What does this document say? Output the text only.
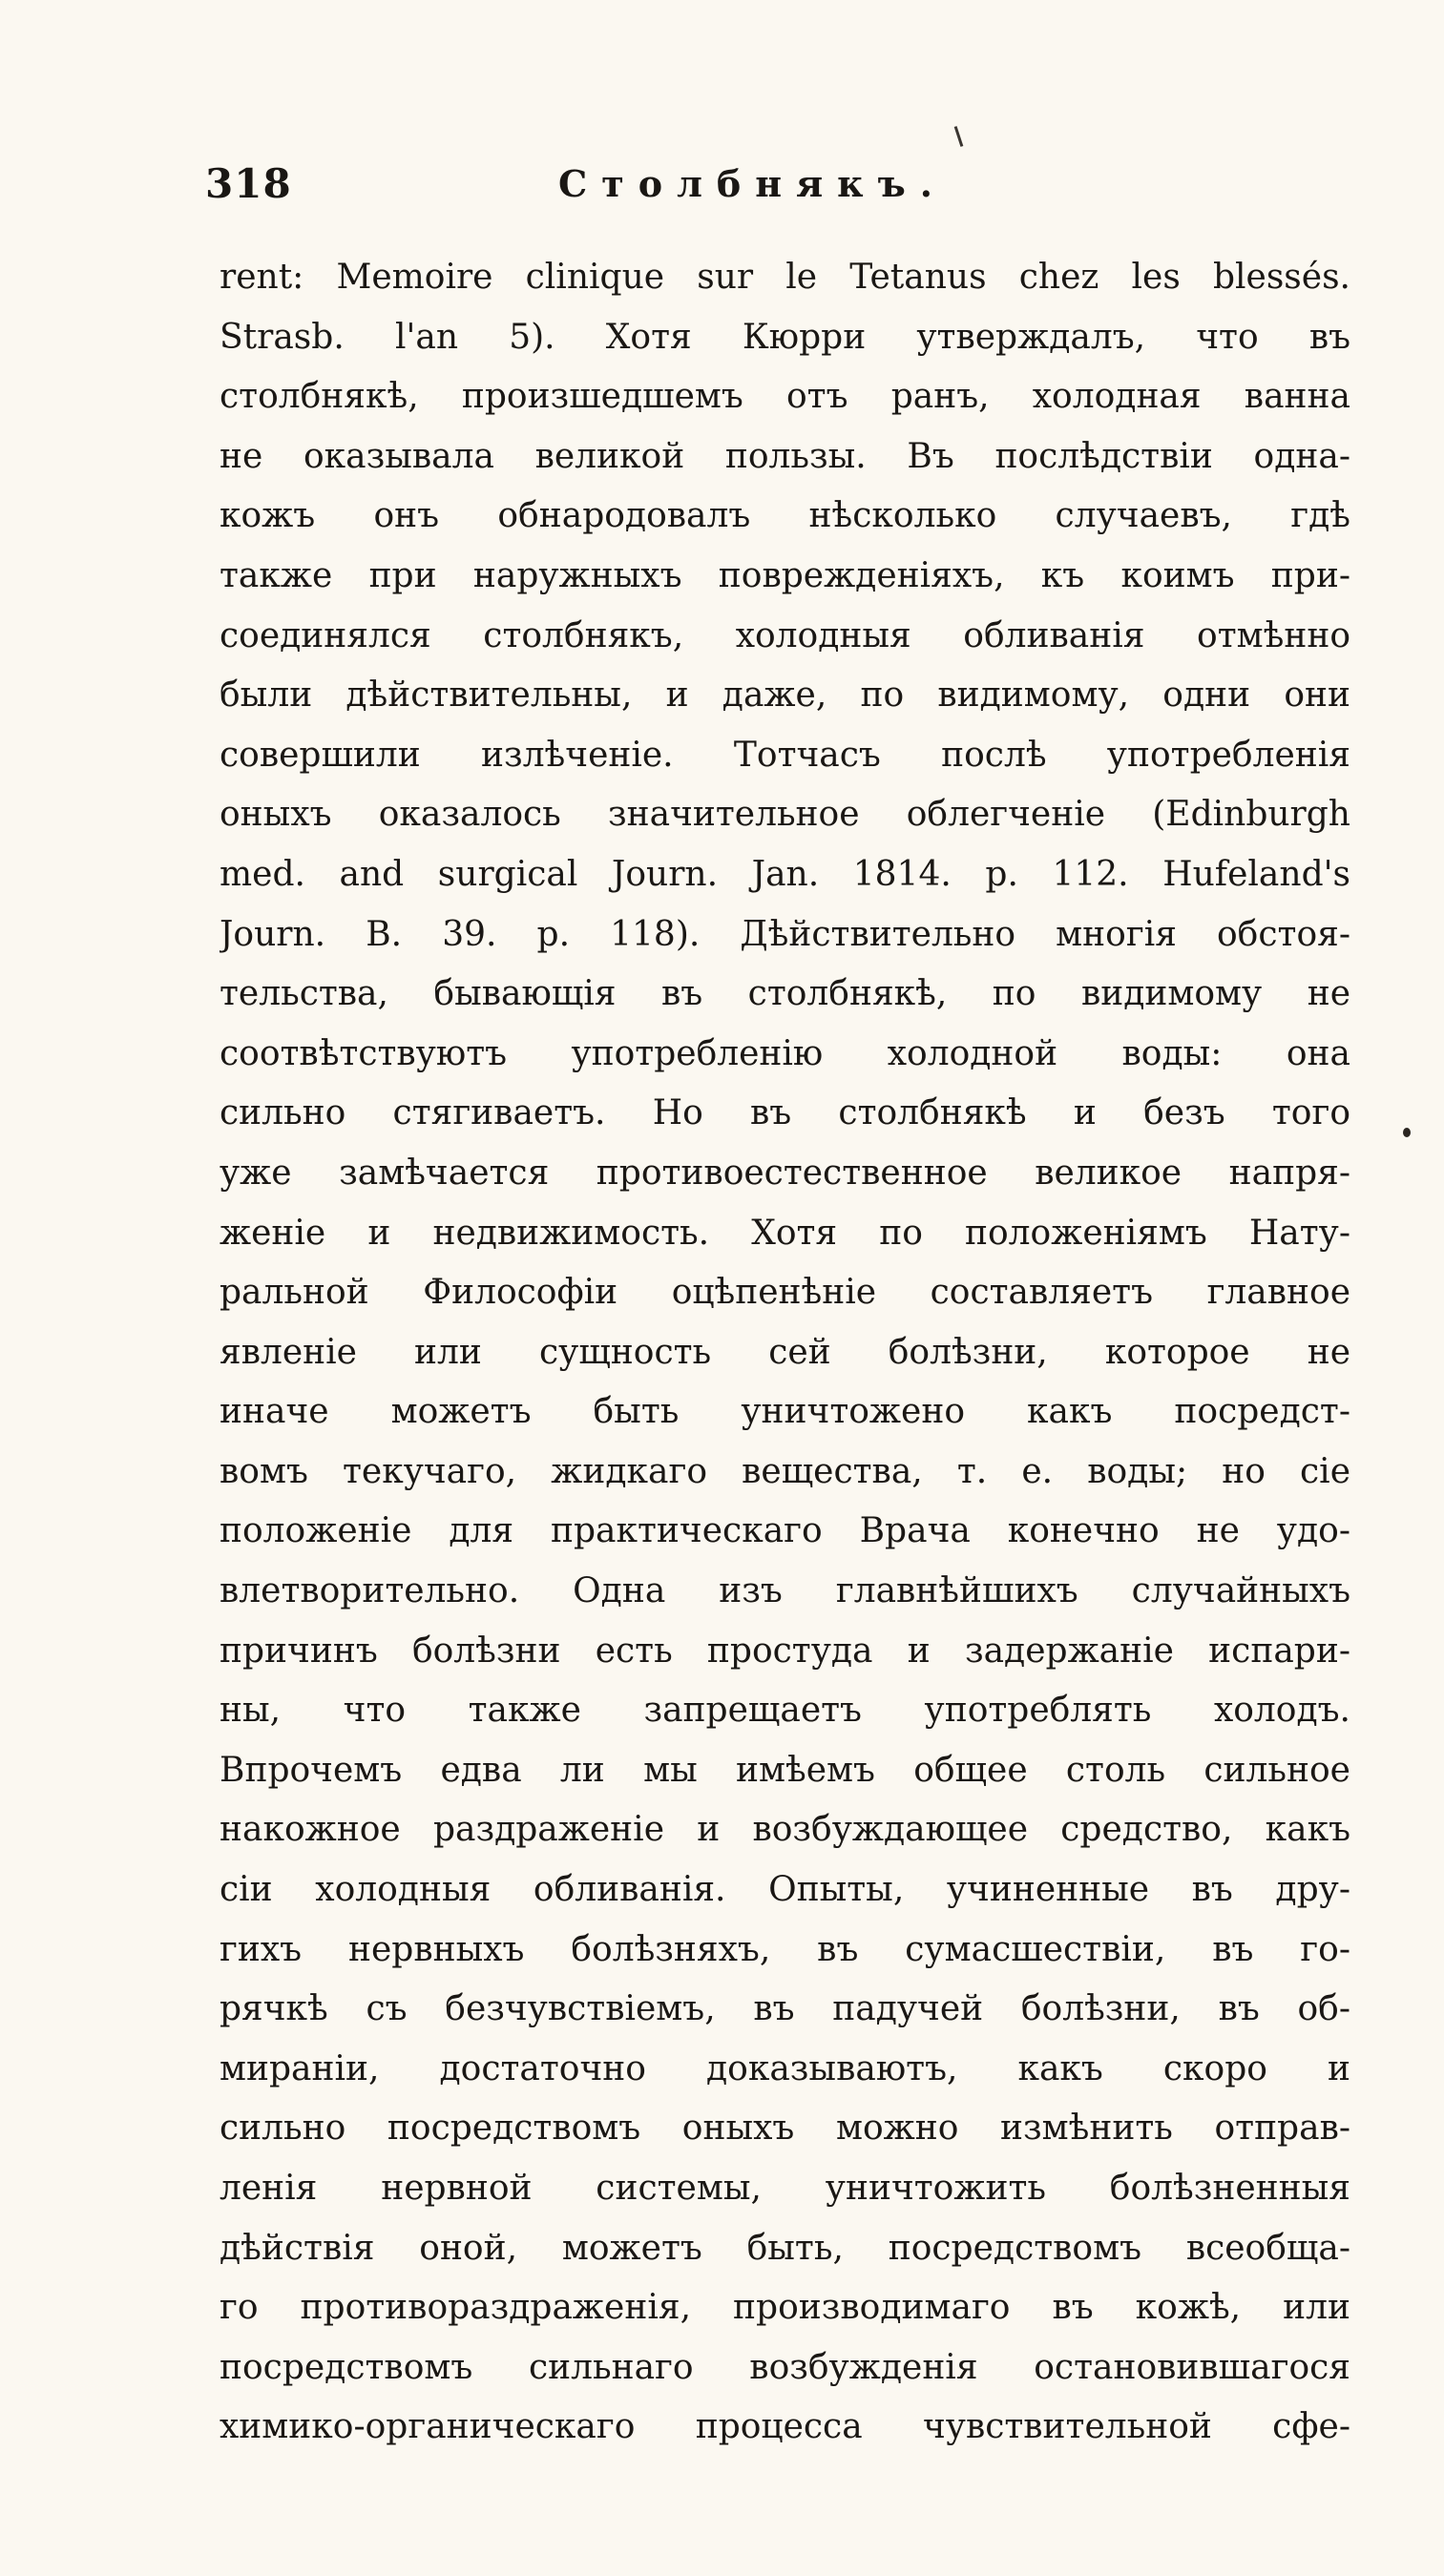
318	Столбнякъ.
rent: Memoire clinique sur le Tetanus chez les blessés.
Strasb. l'an 5). Хотя Кюрри утверждалъ, что въ
столбнякѣ, произшедшемъ отъ ранъ, холодная ванна
не оказывала великой пользы. Въ послѣдствіи одна-
кожъ онъ обнародовалъ нѣсколько случаевъ, гдѣ
также при наружныхъ поврежденіяхъ, къ коимъ при-
соединялся столбнякъ, холодныя обливанія отмѣнно
были дѣйствительны, и даже, по видимому, одни они
совершили излѣченіе. Тотчасъ послѣ употребленія
оныхъ оказалось значительное облегченіе (Edinburgh
med. and surgical Journ. Jan. 1814. p. 112. Hufeland's
Journ. B. 39. p. 118). Дѣйствительно многія обстоя-
тельства, бывающія въ столбнякѣ, по видимому не
соотвѣтствуютъ употребленію холодной воды: она
сильно стягиваетъ. Но въ столбнякѣ и безъ того
уже замѣчается противоестественное великое напря-
женіе и недвижимость. Хотя по положеніямъ Нату-
ральной Философіи оцѣпенѣніе составляетъ главное
явленіе или сущность сей болѣзни, которое не
иначе можетъ быть уничтожено какъ посредст-
вомъ текучаго, жидкаго вещества, т. е. воды; но сіе
положеніе для практическаго Врача конечно не удо-
влетворительно. Одна изъ главнѣйшихъ случайныхъ
причинъ болѣзни есть простуда и задержаніе испари-
ны, что также запрещаетъ употреблять холодъ.
Впрочемъ едва ли мы имѣемъ общее столь сильное
накожное раздраженіе и возбуждающее средство, какъ
сіи холодныя обливанія. Опыты, учиненные въ дру-
гихъ нервныхъ болѣзняхъ, въ сумасшествіи, въ го-
рячкѣ съ безчувствіемъ, въ падучей болѣзни, въ об-
мираніи, достаточно доказываютъ, какъ скоро и
сильно посредствомъ оныхъ можно измѣнить отправ-
ленія нервной системы, уничтожить болѣзненныя
дѣйствія оной, можетъ быть, посредствомъ всеобща-
го противораздраженія, производимаго въ кожѣ, или
посредствомъ сильнаго возбужденія остановившагося
химико-органическаго процесса чувствительной сфе-
